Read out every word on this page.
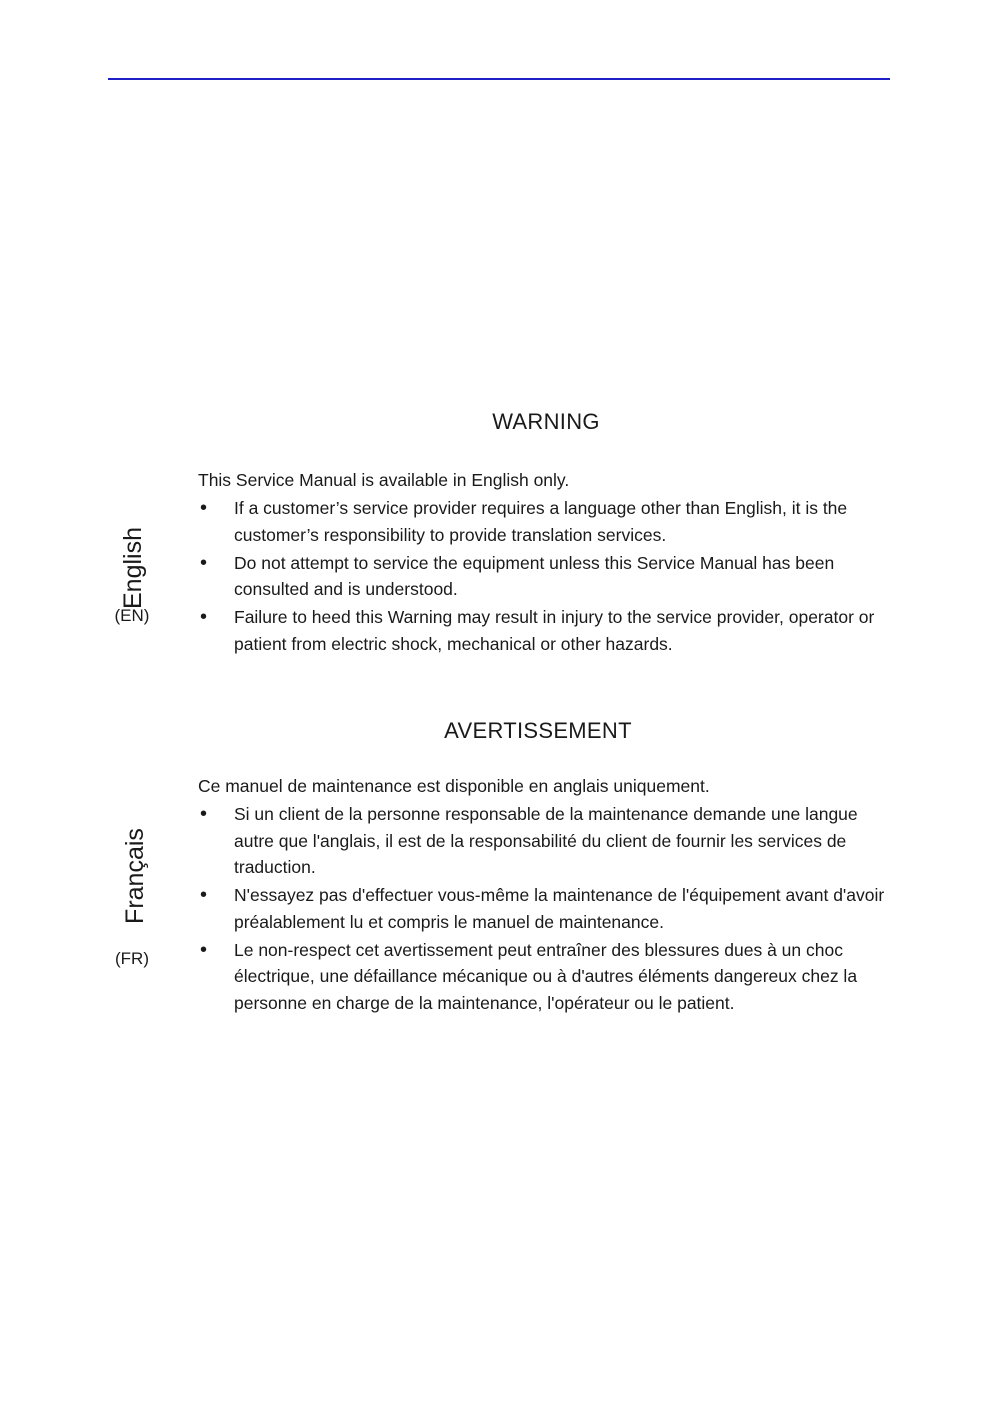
WARNING
English
(EN)

This Service Manual is available in English only.

• If a customer’s service provider requires a language other than English, it is the customer’s responsibility to provide translation services.
• Do not attempt to service the equipment unless this Service Manual has been consulted and is understood.
• Failure to heed this Warning may result in injury to the service provider, operator or patient from electric shock, mechanical or other hazards.
AVERTISSEMENT
Français
(FR)

Ce manuel de maintenance est disponible en anglais uniquement.

• Si un client de la personne responsable de la maintenance demande une langue autre que l'anglais, il est de la responsabilité du client de fournir les services de traduction.
• N'essayez pas d'effectuer vous-même la maintenance de l'équipement avant d'avoir préalablement lu et compris le manuel de maintenance.
• Le non-respect cet avertissement peut entraîner des blessures dues à un choc électrique, une défaillance mécanique ou à d'autres éléments dangereux chez la personne en charge de la maintenance, l'opérateur ou le patient.
